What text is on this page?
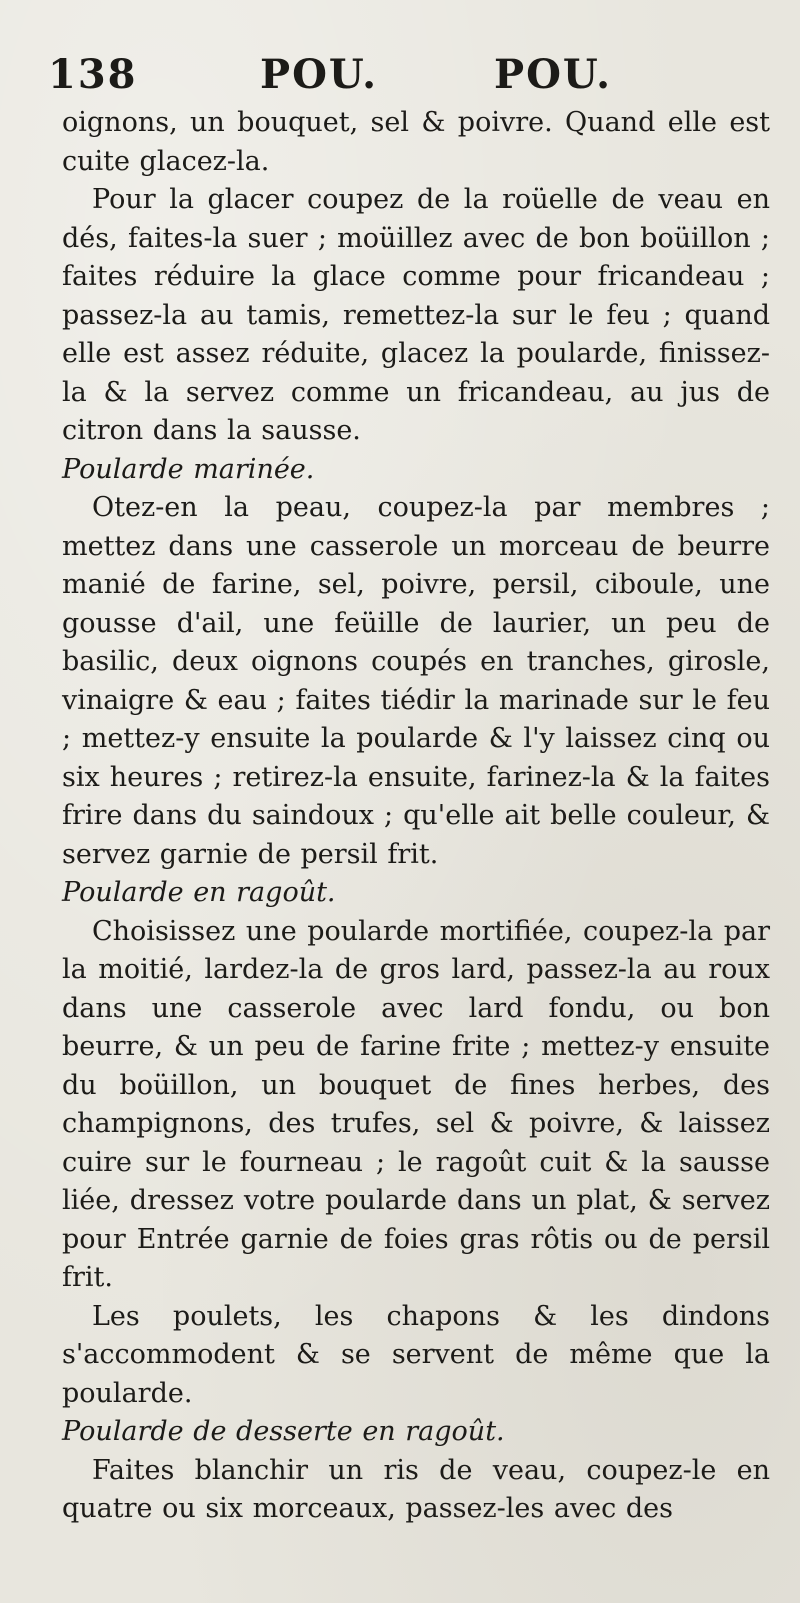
138	POU.	POU.

oignons, un bouquet, sel & poivre. Quand elle est cuite glacez-la.

Pour la glacer coupez de la roüelle de veau en dés, faites-la suer ; moüillez avec de bon boüillon ; faites réduire la glace comme pour fricandeau ; passez-la au tamis, remettez-la sur le feu ; quand elle est assez réduite, glacez la poularde, finissez-la & la servez comme un fricandeau, au jus de citron dans la sausse.

Poularde marinée.

Otez-en la peau, coupez-la par membres ; mettez dans une casserole un morceau de beurre manié de farine, sel, poivre, persil, ciboule, une gousse d'ail, une feüille de laurier, un peu de basilic, deux oignons coupés en tranches, girosle, vinaigre & eau ; faites tiédir la marinade sur le feu ; mettez-y ensuite la poularde & l'y laissez cinq ou six heures ; retirez-la ensuite, farinez-la & la faites frire dans du saindoux ; qu'elle ait belle couleur, & servez garnie de persil frit.

Poularde en ragoût.

Choisissez une poularde mortifiée, coupez-la par la moitié, lardez-la de gros lard, passez-la au roux dans une casserole avec lard fondu, ou bon beurre, & un peu de farine frite ; mettez-y ensuite du boüillon, un bouquet de fines herbes, des champignons, des trufes, sel & poivre, & laissez cuire sur le fourneau ; le ragoût cuit & la sausse liée, dressez votre poularde dans un plat, & servez pour Entrée garnie de foies gras rôtis ou de persil frit.

Les poulets, les chapons & les dindons s'accommodent & se servent de même que la poularde.

Poularde de desserte en ragoût.

Faites blanchir un ris de veau, coupez-le en quatre ou six morceaux, passez-les avec des
